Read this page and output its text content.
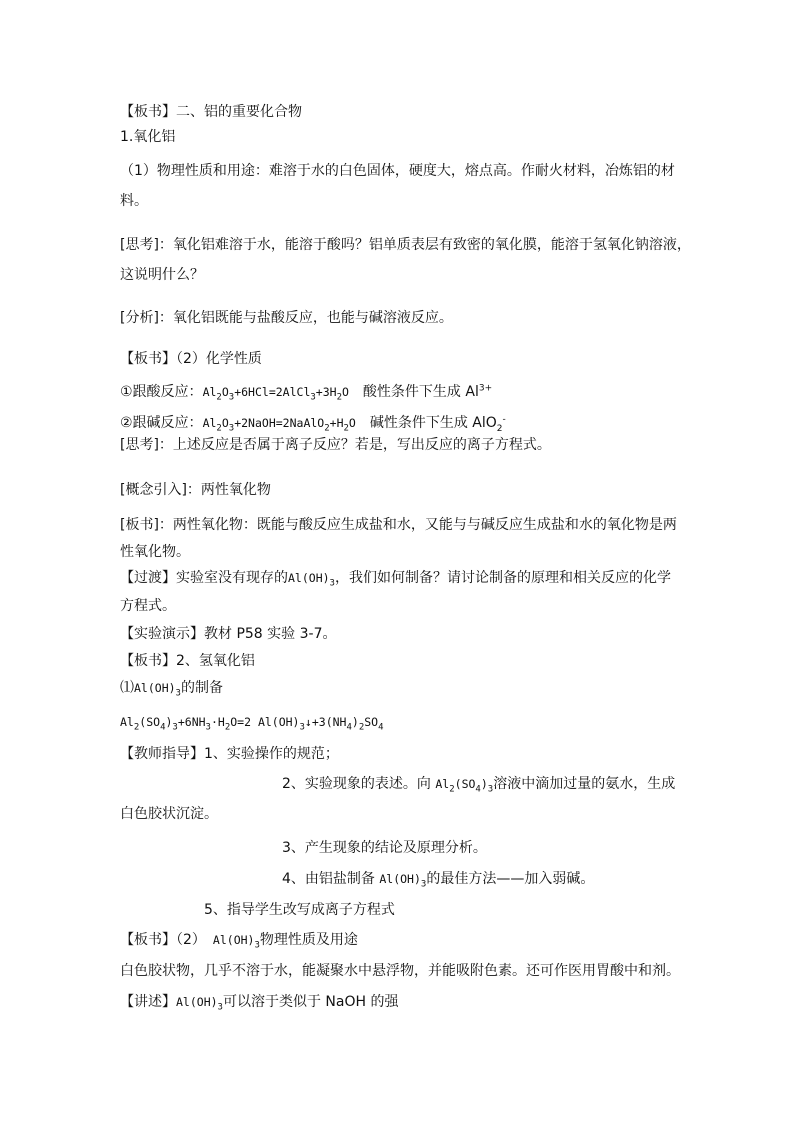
【板书】二、铝的重要化合物
1.氧化铝
（1）物理性质和用途：难溶于水的白色固体，硬度大，熔点高。作耐火材料，冶炼铝的材
料。
[思考]：氧化铝难溶于水，能溶于酸吗？铝单质表层有致密的氧化膜，能溶于氢氧化钠溶液，
这说明什么？
[分析]：氧化铝既能与盐酸反应，也能与碱溶液反应。
【板书】（2）化学性质
①跟酸反应：$Al_2O_3+6HCl=2AlCl_3+3H_2O$　酸性条件下生成 $Al^{3+}$
②跟碱反应：$Al_2O_3+2NaOH=2NaAlO_2+H_2O$　碱性条件下生成 AlO$_2$-
[思考]：上述反应是否属于离子反应？若是，写出反应的离子方程式。
[概念引入]：两性氧化物
[板书]：两性氧化物：既能与酸反应生成盐和水，又能与与碱反应生成盐和水的氧化物是两
性氧化物。
【过渡】实验室没有现存的$Al(OH)_3$，我们如何制备？请讨论制备的原理和相关反应的化学
方程式。
【实验演示】教材 P58 实验 3-7。
【板书】2、氢氧化铝
$⑴Al(OH)_3$的制备
$Al_2(SO_4)_3+6NH_3\cdot H_2O=2$ $Al(OH)_3↓+3(NH_4)_2SO_4$
【教师指导】1、实验操作的规范；
2、实验现象的表述。向 $Al_2(SO_4)_3$溶液中滴加过量的氨水，生成
白色胶状沉淀。
3、产生现象的结论及原理分析。
4、由铝盐制备 $Al(OH)_3$的最佳方法——加入弱碱。
5、指导学生改写成离子方程式
【板书】（2）　$Al(OH)_3$物理性质及用途
白色胶状物，几乎不溶于水，能凝聚水中悬浮物，并能吸附色素。还可作医用胃酸中和剂。
【讲述】$Al(OH)_3$可以溶于类似于 NaOH 的强
